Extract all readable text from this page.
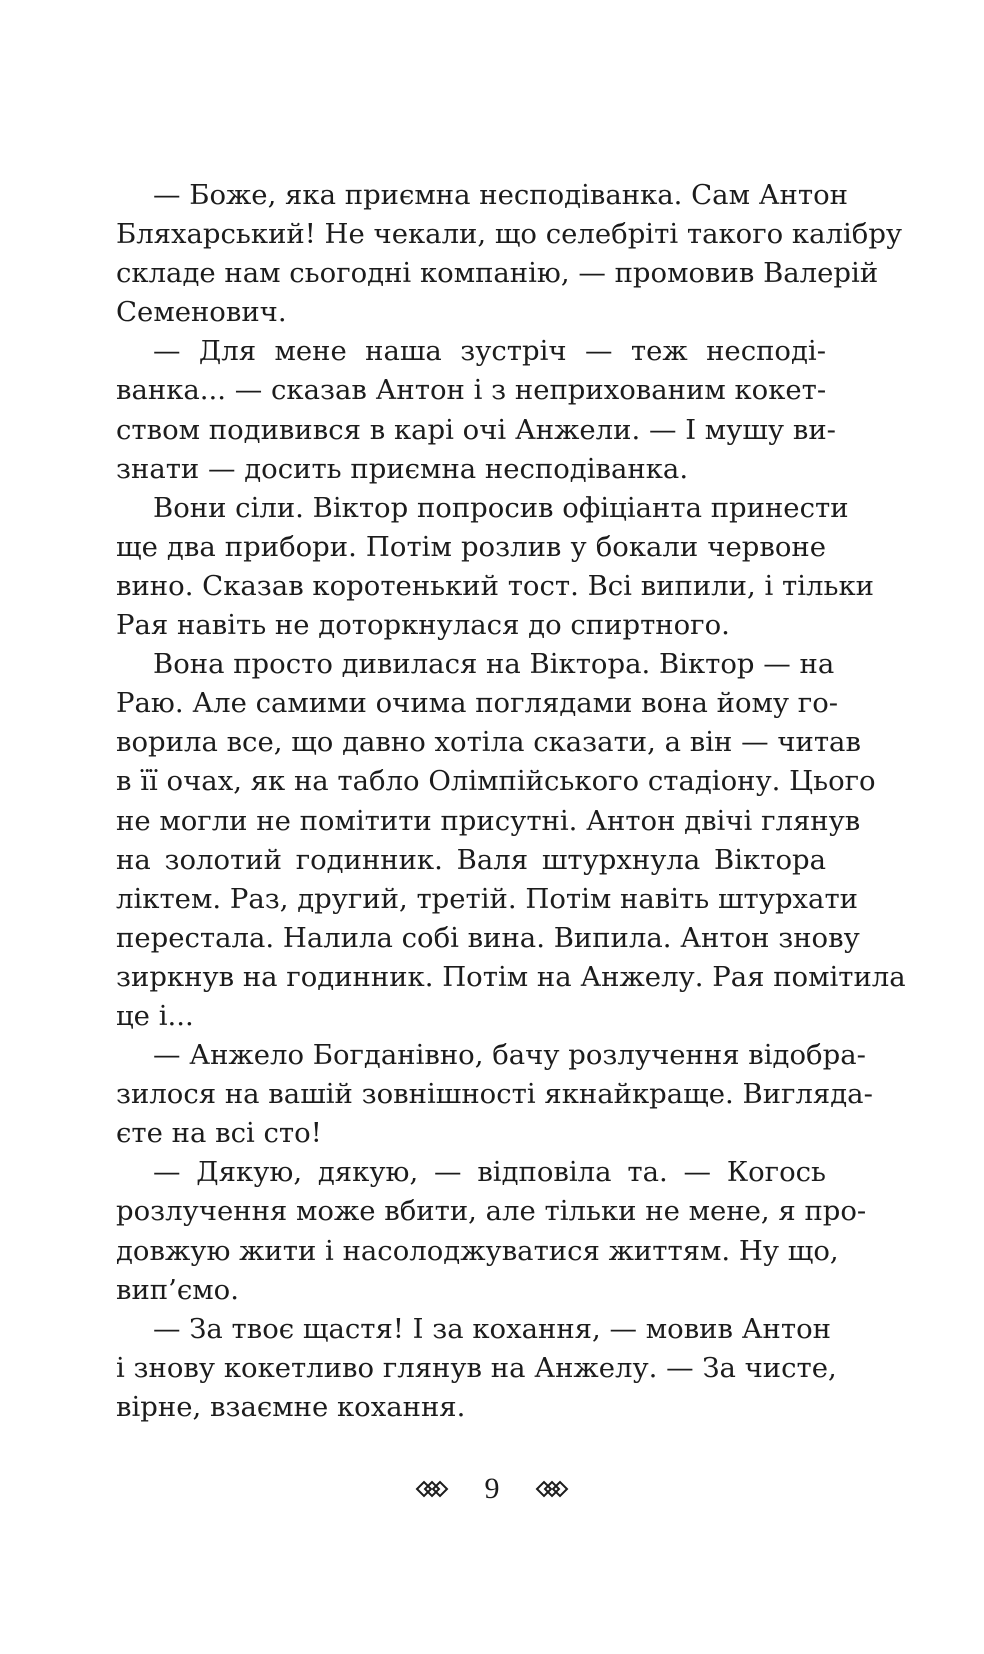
— Боже, яка приємна несподіванка. Сам Антон
Бляхарський! Не чекали, що селебріті такого калібру
складе нам сьогодні компанію, — промовив Валерій
Семенович.
— Для мене наша зустріч — теж несподі-
ванка... — сказав Антон і з неприхованим кокет-
ством подивився в карі очі Анжели. — І мушу ви-
знати — досить приємна несподіванка.
Вони сіли. Віктор попросив офіціанта принести
ще два прибори. Потім розлив у бокали червоне
вино. Сказав коротенький тост. Всі випили, і тільки
Рая навіть не доторкнулася до спиртного.
Вона просто дивилася на Віктора. Віктор — на
Раю. Але самими очима поглядами вона йому го-
ворила все, що давно хотіла сказати, а він — читав
в її очах, як на табло Олімпійського стадіону. Цього
не могли не помітити присутні. Антон двічі глянув
на золотий годинник. Валя штурхнула Віктора
ліктем. Раз, другий, третій. Потім навіть штурхати
перестала. Налила собі вина. Випила. Антон знову
зиркнув на годинник. Потім на Анжелу. Рая помітила
це і...
— Анжело Богданівно, бачу розлучення відобра-
зилося на вашій зовнішності якнайкраще. Виглядa-
єте на всі сто!
— Дякую, дякую, — відповіла та. — Когось
розлучення може вбити, але тільки не мене, я про-
довжую жити і насолоджуватися життям. Ну що,
вип’ємо.
— За твоє щастя! І за кохання, — мовив Антон
і знову кокетливо глянув на Анжелу. — За чисте,
вірне, взаємне кохання.
9
